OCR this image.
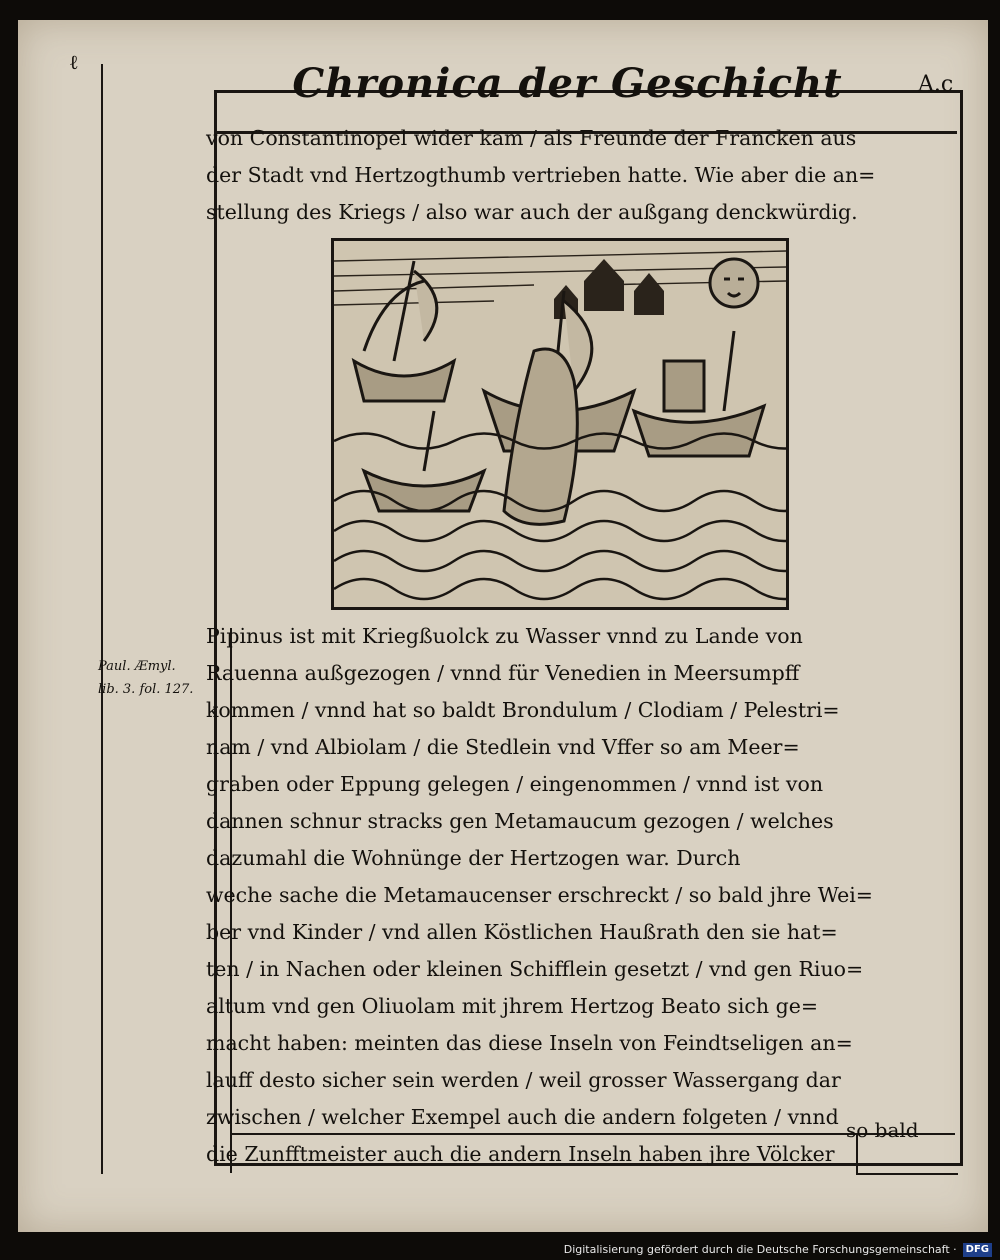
ℓ	Chronica der Geschicht	A.c
von Constantinopel wider kam / als Freunde der Francken aus
der Stadt vnd Hertzogthumb vertrieben hatte. Wie aber die an=
stellung des Kriegs / also war auch der außgang denckwürdig.
Paul. Æmyl.
lib. 3. fol. 127.
Pipinus ist mit Kriegßuolck zu Wasser vnnd zu Lande von
Rauenna außgezogen / vnnd für Venedien in Meersumpff
kommen / vnnd hat so baldt Brondulum / Clodiam / Pelestri=
nam / vnd Albiolam / die Stedlein vnd Vffer so am Meer=
graben oder Eppung gelegen / eingenommen / vnnd ist von
dannen schnur stracks gen Metamaucum gezogen / welches
dazumahl die Wohnünge der Hertzogen war. Durch
weche sache die Metamaucenser erschreckt / so bald jhre Wei=
ber vnd Kinder / vnd allen Köstlichen Haußrath den sie hat=
ten / in Nachen oder kleinen Schifflein gesetzt / vnd gen Riuo=
altum vnd gen Oliuolam mit jhrem Hertzog Beato sich ge=
macht haben: meinten das diese Inseln von Feindtseligen an=
lauff desto sicher sein werden / weil grosser Wassergang dar
zwischen / welcher Exempel auch die andern folgeten / vnnd
die Zunfftmeister auch die andern Inseln haben jhre Völcker
so bald
Digitalisierung gefördert durch die Deutsche Forschungsgemeinschaft · DFG
